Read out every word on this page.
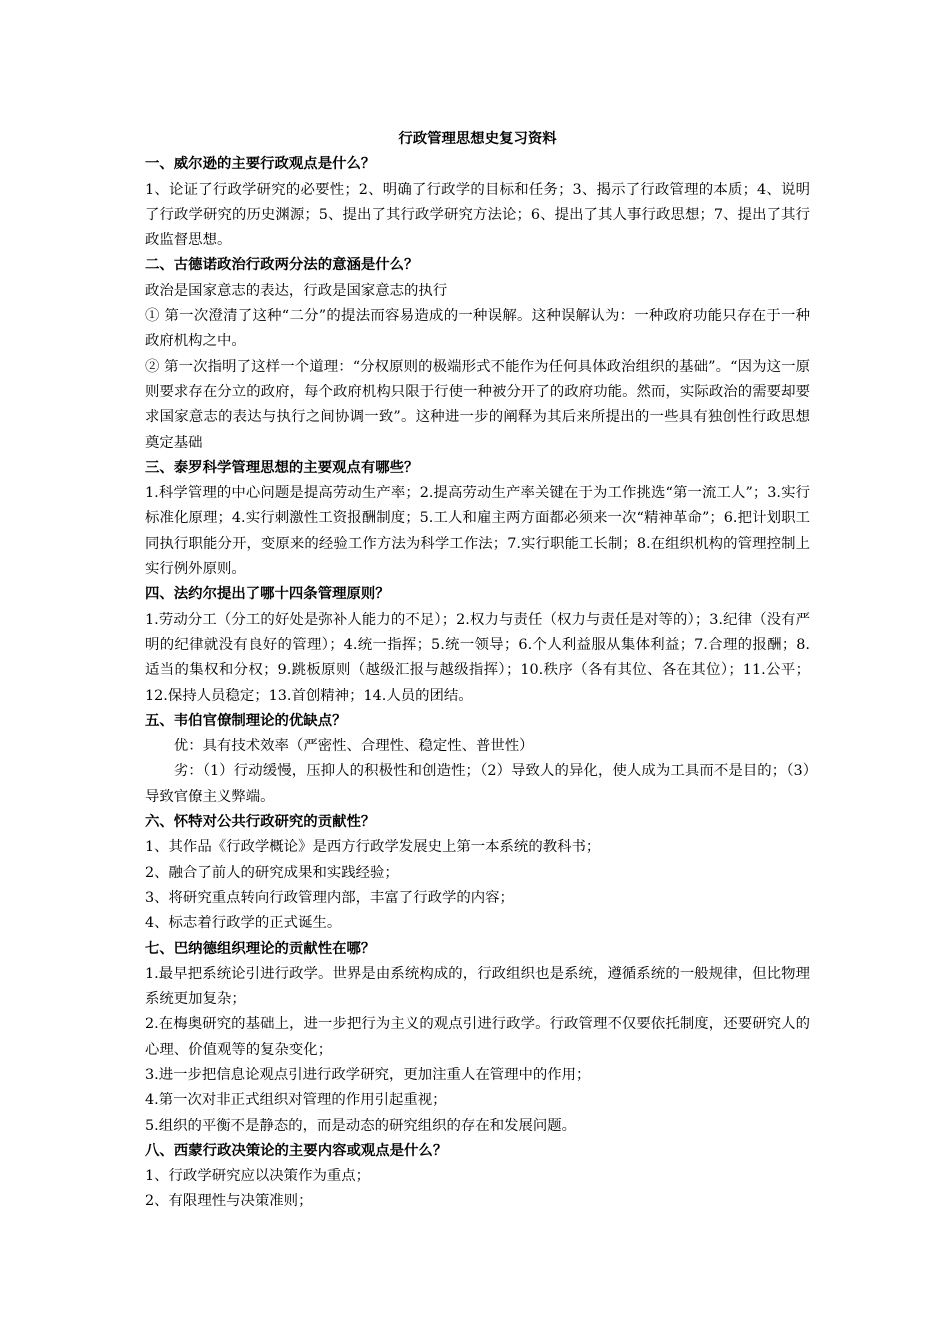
行政管理思想史复习资料

一、威尔逊的主要行政观点是什么？

1、论证了行政学研究的必要性；2、明确了行政学的目标和任务；3、揭示了行政管理的本质；4、说明了行政学研究的历史渊源；5、提出了其行政学研究方法论；6、提出了其人事行政思想；7、提出了其行政监督思想。

二、古德诺政治行政两分法的意涵是什么？

政治是国家意志的表达，行政是国家意志的执行

① 第一次澄清了这种“二分”的提法而容易造成的一种误解。这种误解认为：一种政府功能只存在于一种政府机构之中。

② 第一次指明了这样一个道理：“分权原则的极端形式不能作为任何具体政治组织的基础”。“因为这一原则要求存在分立的政府，每个政府机构只限于行使一种被分开了的政府功能。然而，实际政治的需要却要求国家意志的表达与执行之间协调一致”。这种进一步的阐释为其后来所提出的一些具有独创性行政思想奠定基础

三、泰罗科学管理思想的主要观点有哪些？

1.科学管理的中心问题是提高劳动生产率；2.提高劳动生产率关键在于为工作挑选“第一流工人”；3.实行标准化原理；4.实行刺激性工资报酬制度；5.工人和雇主两方面都必须来一次“精神革命”；6.把计划职工同执行职能分开，变原来的经验工作方法为科学工作法；7.实行职能工长制；8.在组织机构的管理控制上实行例外原则。

四、法约尔提出了哪十四条管理原则？

1.劳动分工（分工的好处是弥补人能力的不足）；2.权力与责任（权力与责任是对等的）；3.纪律（没有严明的纪律就没有良好的管理）；4.统一指挥；5.统一领导；6.个人利益服从集体利益；7.合理的报酬；8.适当的集权和分权；9.跳板原则（越级汇报与越级指挥）；10.秩序（各有其位、各在其位）；11.公平；12.保持人员稳定；13.首创精神；14.人员的团结。

五、韦伯官僚制理论的优缺点？

优：具有技术效率（严密性、合理性、稳定性、普世性）

劣：（1）行动缓慢，压抑人的积极性和创造性；（2）导致人的异化，使人成为工具而不是目的；（3）导致官僚主义弊端。

六、怀特对公共行政研究的贡献性？

1、其作品《行政学概论》是西方行政学发展史上第一本系统的教科书；

2、融合了前人的研究成果和实践经验；

3、将研究重点转向行政管理内部，丰富了行政学的内容；

4、标志着行政学的正式诞生。

七、巴纳德组织理论的贡献性在哪？

1.最早把系统论引进行政学。世界是由系统构成的，行政组织也是系统，遵循系统的一般规律，但比物理系统更加复杂；

2.在梅奥研究的基础上，进一步把行为主义的观点引进行政学。行政管理不仅要依托制度，还要研究人的心理、价值观等的复杂变化；

3.进一步把信息论观点引进行政学研究，更加注重人在管理中的作用；

4.第一次对非正式组织对管理的作用引起重视；

5.组织的平衡不是静态的，而是动态的研究组织的存在和发展问题。

八、西蒙行政决策论的主要内容或观点是什么？

1、行政学研究应以决策作为重点；

2、有限理性与决策准则；
